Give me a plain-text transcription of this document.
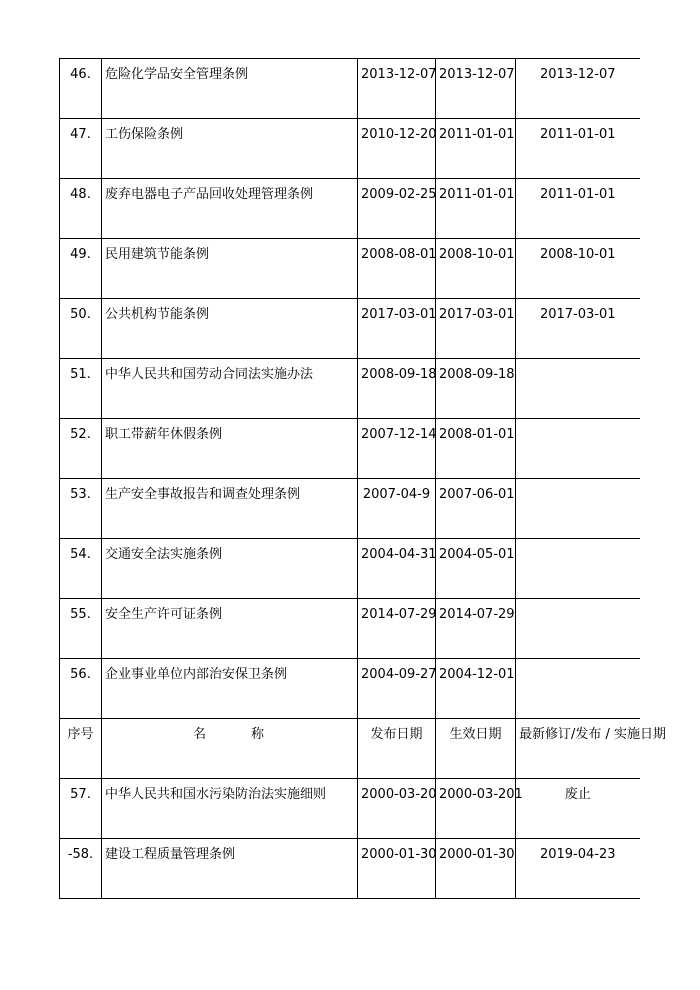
46.	危险化学品安全管理条例	2013-12-07	2013-12-07	2013-12-07
47.	工伤保险条例	2010-12-20	2011-01-01	2011-01-01
48.	废弃电器电子产品回收处理管理条例	2009-02-25	2011-01-01	2011-01-01
49.	民用建筑节能条例	2008-08-01	2008-10-01	2008-10-01
50.	公共机构节能条例	2017-03-01	2017-03-01	2017-03-01
51.	中华人民共和国劳动合同法实施办法	2008-09-18	2008-09-18	
52.	职工带薪年休假条例	2007-12-14	2008-01-01	
53.	生产安全事故报告和调查处理条例	2007-04-9	2007-06-01	
54.	交通安全法实施条例	2004-04-31	2004-05-01	
55.	安全生产许可证条例	2014-07-29	2014-07-29	
56.	企业事业单位内部治安保卫条例	2004-09-27	2004-12-01	
序号	名 称	发布日期	生效日期	最新修订/发布 / 实施日期
57.	中华人民共和国水污染防治法实施细则	2000-03-20	2000-03-201	废止
-58.	建设工程质量管理条例	2000-01-30	2000-01-30	2019-04-23
